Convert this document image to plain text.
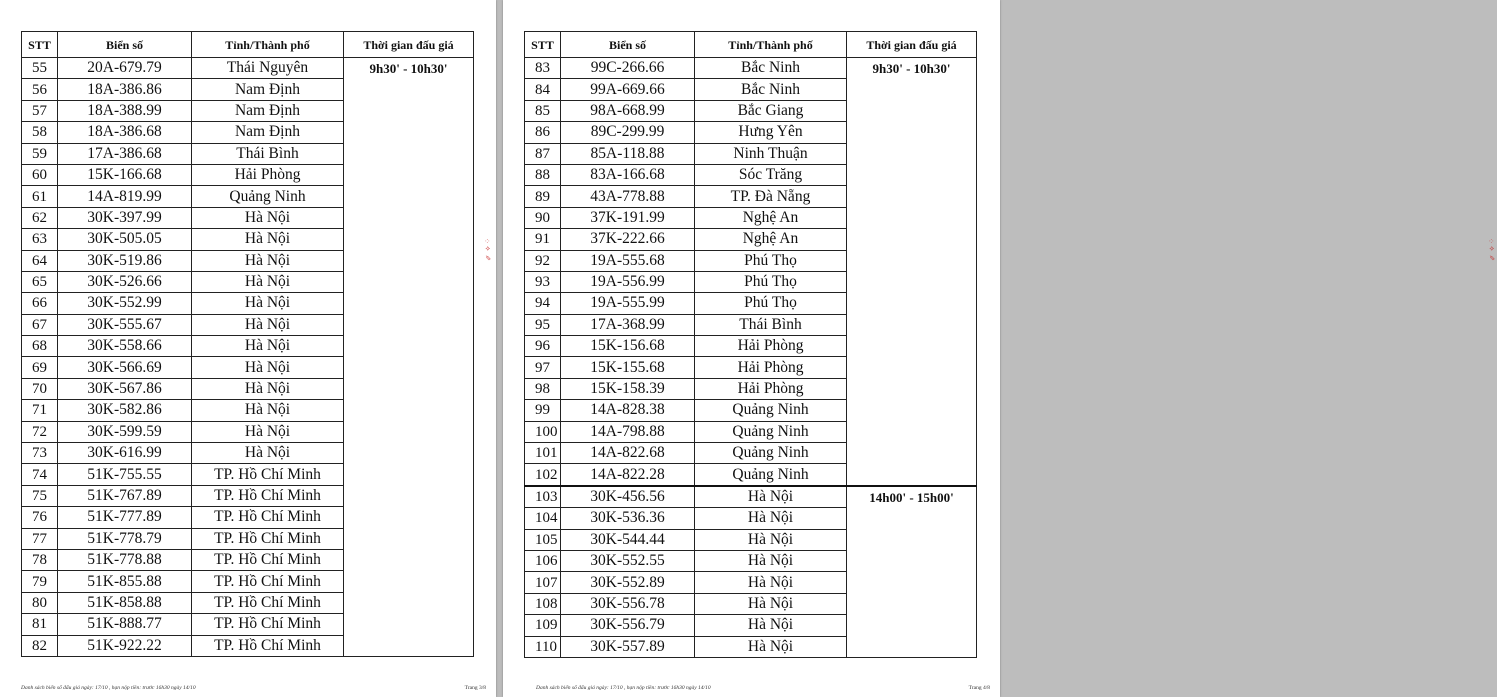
STT	Biển số	Tỉnh/Thành phố	Thời gian đấu giá
55	20A-679.79	Thái Nguyên	9h30' - 10h30'
56	18A-386.86	Nam Định	
57	18A-388.99	Nam Định	
58	18A-386.68	Nam Định	
59	17A-386.68	Thái Bình	
60	15K-166.68	Hải Phòng	
61	14A-819.99	Quảng Ninh	
62	30K-397.99	Hà Nội	
63	30K-505.05	Hà Nội	
64	30K-519.86	Hà Nội	
65	30K-526.66	Hà Nội	
66	30K-552.99	Hà Nội	
67	30K-555.67	Hà Nội	
68	30K-558.66	Hà Nội	
69	30K-566.69	Hà Nội	
70	30K-567.86	Hà Nội	
71	30K-582.86	Hà Nội	
72	30K-599.59	Hà Nội	
73	30K-616.99	Hà Nội	
74	51K-755.55	TP. Hồ Chí Minh	
75	51K-767.89	TP. Hồ Chí Minh	
76	51K-777.89	TP. Hồ Chí Minh	
77	51K-778.79	TP. Hồ Chí Minh	
78	51K-778.88	TP. Hồ Chí Minh	
79	51K-855.88	TP. Hồ Chí Minh	
80	51K-858.88	TP. Hồ Chí Minh	
81	51K-888.77	TP. Hồ Chí Minh	
82	51K-922.22	TP. Hồ Chí Minh	
✎ ⟡ ⁘
Danh sách biển số đấu giá ngày: 17/10 , hạn nộp tiền: trước 16h30 ngày 14/10	Trang 3/8
STT	Biển số	Tỉnh/Thành phố	Thời gian đấu giá
83	99C-266.66	Bắc Ninh	9h30' - 10h30'
84	99A-669.66	Bắc Ninh	
85	98A-668.99	Bắc Giang	
86	89C-299.99	Hưng Yên	
87	85A-118.88	Ninh Thuận	
88	83A-166.68	Sóc Trăng	
89	43A-778.88	TP. Đà Nẵng	
90	37K-191.99	Nghệ An	
91	37K-222.66	Nghệ An	
92	19A-555.68	Phú Thọ	
93	19A-556.99	Phú Thọ	
94	19A-555.99	Phú Thọ	
95	17A-368.99	Thái Bình	
96	15K-156.68	Hải Phòng	
97	15K-155.68	Hải Phòng	
98	15K-158.39	Hải Phòng	
99	14A-828.38	Quảng Ninh	
100	14A-798.88	Quảng Ninh	
101	14A-822.68	Quảng Ninh	
102	14A-822.28	Quảng Ninh	
103	30K-456.56	Hà Nội	14h00' - 15h00'
104	30K-536.36	Hà Nội	
105	30K-544.44	Hà Nội	
106	30K-552.55	Hà Nội	
107	30K-552.89	Hà Nội	
108	30K-556.78	Hà Nội	
109	30K-556.79	Hà Nội	
110	30K-557.89	Hà Nội	
✎ ⟡ ⁘
Danh sách biển số đấu giá ngày: 17/10 , hạn nộp tiền: trước 16h30 ngày 14/10	Trang 4/8
